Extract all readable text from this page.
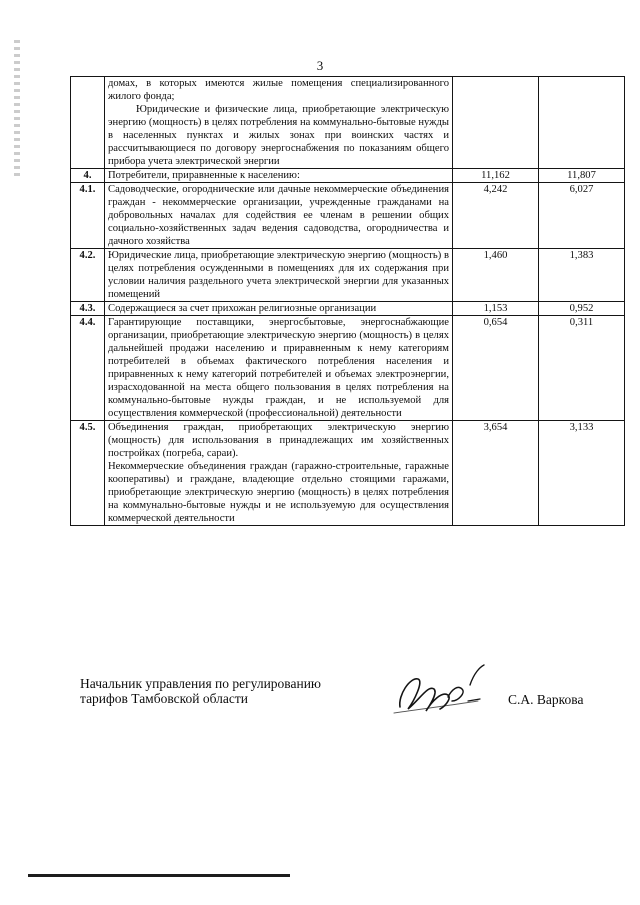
3

	домах, в которых имеются жилые помещения специализированного жилого фонда;

Юридические и физические лица, приобретающие электрическую энергию (мощность) в целях потребления на коммунально-бытовые нужды в населенных пунктах и жилых зонах при воинских частях и рассчитывающиеся по договору энергоснабжения по показаниям общего прибора учета электрической энергии		

4.	Потребители, приравненные к населению:	11,162	11,807
4.1.	Садоводческие, огороднические или дачные некоммерческие объединения граждан - некоммерческие организации, учрежденные гражданами на добровольных началах для содействия ее членам в решении общих социально-хозяйственных задач ведения садоводства, огородничества и дачного хозяйства	4,242	6,027
4.2.	Юридические лица, приобретающие электрическую энергию (мощность) в целях потребления осужденными в помещениях для их содержания при условии наличия раздельного учета электрической энергии для указанных помещений	1,460	1,383
4.3.	Содержащиеся за счет прихожан религиозные организации	1,153	0,952
4.4.	Гарантирующие поставщики, энергосбытовые, энергоснабжающие организации, приобретающие электрическую энергию (мощность) в целях дальнейшей продажи населению и приравненным к нему категориям потребителей в объемах фактического потребления населения и приравненных к нему категорий потребителей и объемах электроэнергии, израсходованной на места общего пользования в целях потребления на коммунально-бытовые нужды граждан, и не используемой для осуществления коммерческой (профессиональной) деятельности	0,654	0,311
4.5.	Объединения граждан, приобретающих электрическую энергию (мощность) для использования в принадлежащих им хозяйственных постройках (погреба, сараи).

Некоммерческие объединения граждан (гаражно-строительные, гаражные кооперативы) и граждане, владеющие отдельно стоящими гаражами, приобретающие электрическую энергию (мощность) в целях потребления на коммунально-бытовые нужды и не используемую для осуществления коммерческой деятельности	3,654	3,133
Начальник управления по регулированию
тарифов Тамбовской области	С.А. Варкова
